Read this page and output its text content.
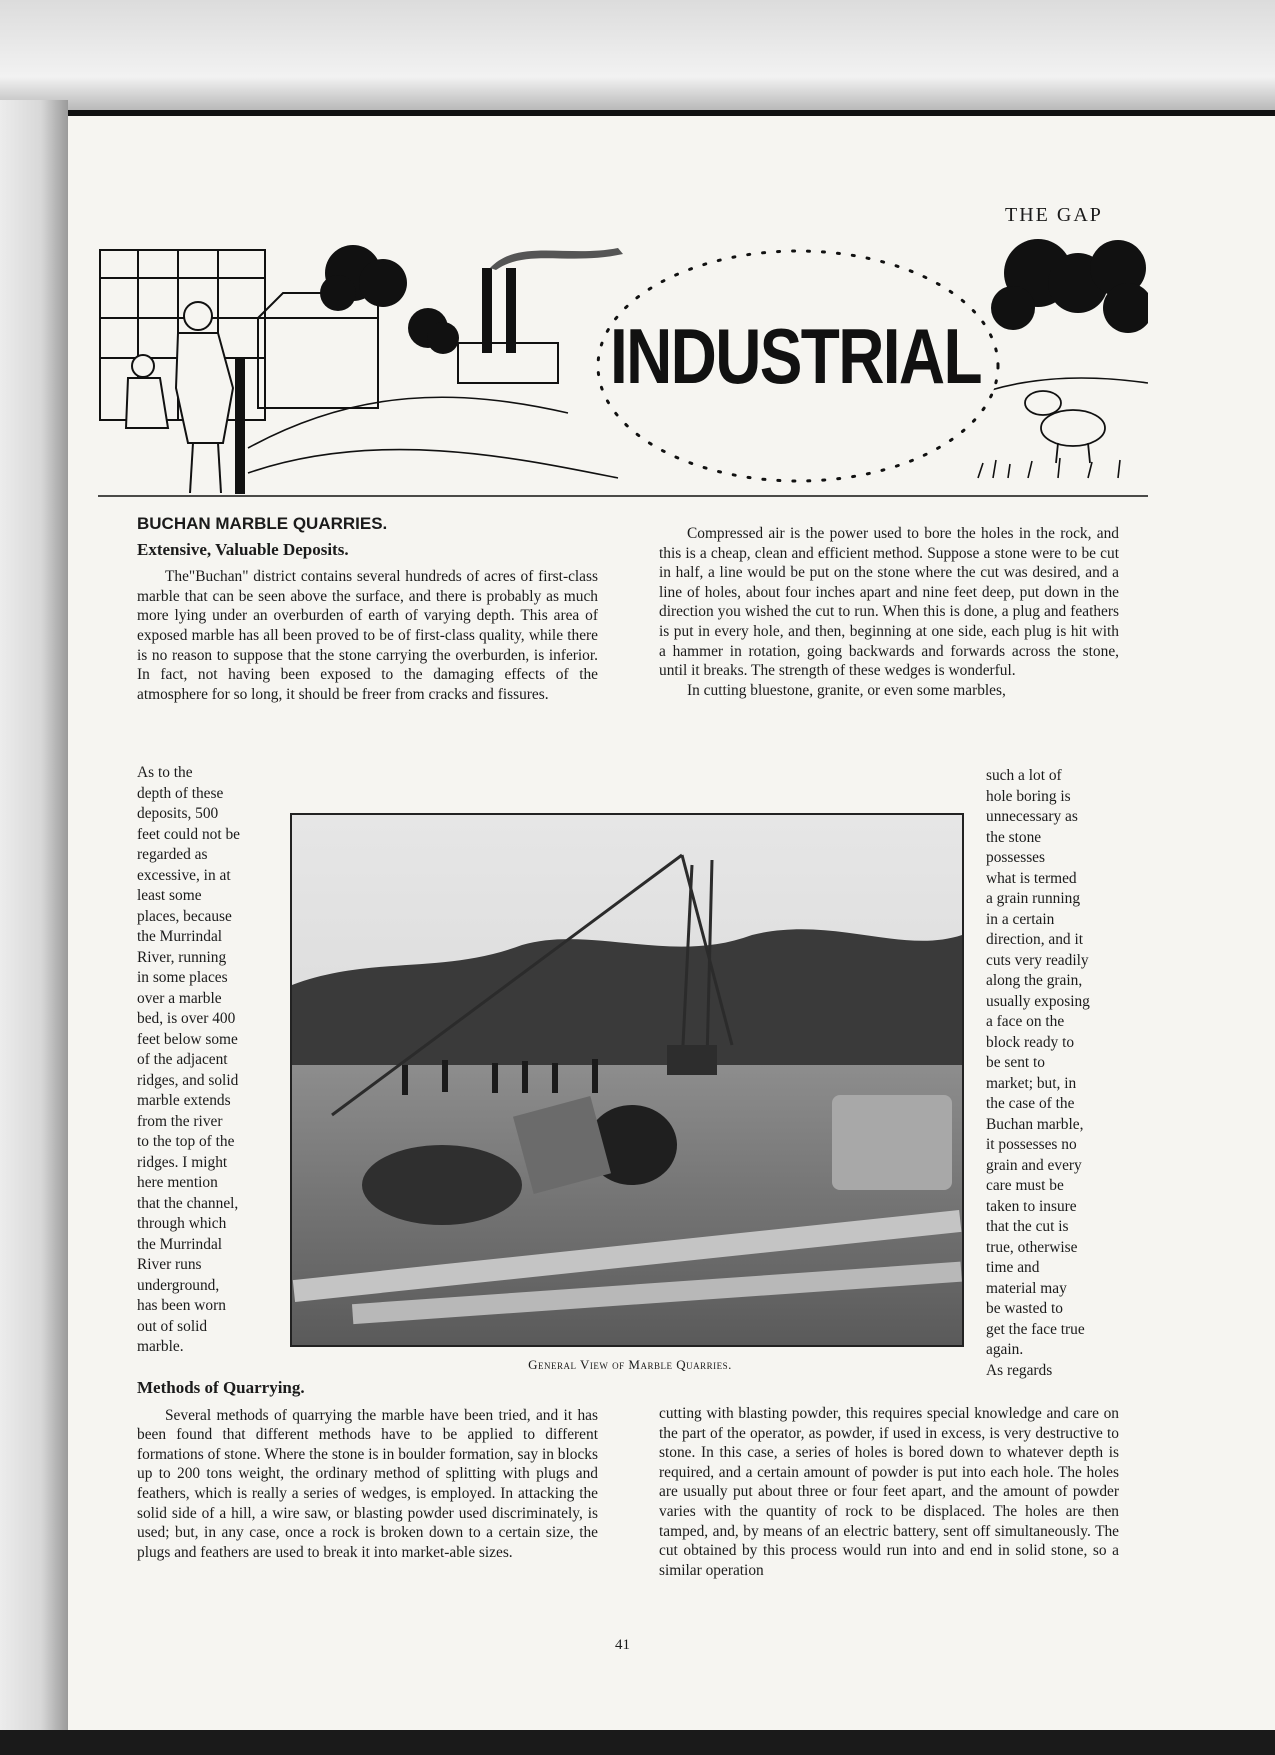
THE GAP
INDUSTRIAL
BUCHAN MARBLE QUARRIES.
Extensive, Valuable Deposits.

The"Buchan" district contains several hundreds of acres of first-class marble that can be seen above the surface, and there is probably as much more lying under an overburden of earth of varying depth. This area of exposed marble has all been proved to be of first-class quality, while there is no reason to suppose that the stone carrying the overburden, is inferior. In fact, not having been exposed to the damaging effects of the atmosphere for so long, it should be freer from cracks and fissures.

As to the
depth of these
deposits, 500
feet could not be
regarded as
excessive, in at
least some
places, because
the Murrindal
River, running
in some places
over a marble
bed, is over 400
feet below some
of the adjacent
ridges, and solid
marble extends
from the river
to the top of the
ridges. I might
here mention
that the channel,
through which
the Murrindal
River runs
underground,
has been worn
out of solid
marble.
General View of Marble Quarries.
Methods of Quarrying.

Several methods of quarrying the marble have been tried, and it has been found that different methods have to be applied to different formations of stone. Where the stone is in boulder formation, say in blocks up to 200 tons weight, the ordinary method of splitting with plugs and feathers, which is really a series of wedges, is employed. In attacking the solid side of a hill, a wire saw, or blasting powder used discriminately, is used; but, in any case, once a rock is broken down to a certain size, the plugs and feathers are used to break it into market-able sizes.

Compressed air is the power used to bore the holes in the rock, and this is a cheap, clean and efficient method. Suppose a stone were to be cut in half, a line would be put on the stone where the cut was desired, and a line of holes, about four inches apart and nine feet deep, put down in the direction you wished the cut to run. When this is done, a plug and feathers is put in every hole, and then, beginning at one side, each plug is hit with a hammer in rotation, going backwards and forwards across the stone, until it breaks. The strength of these wedges is wonderful.

In cutting bluestone, granite, or even some marbles,

such a lot of
hole boring is
unnecessary as
the stone
possesses
what is termed
a grain running
in a certain
direction, and it
cuts very readily
along the grain,
usually exposing
a face on the
block ready to
be sent to
market; but, in
the case of the
Buchan marble,
it possesses no
grain and every
care must be
taken to insure
that the cut is
true, otherwise
time and
material may
be wasted to
get the face true
again.
As regards

cutting with blasting powder, this requires special knowledge and care on the part of the operator, as powder, if used in excess, is very destructive to stone. In this case, a series of holes is bored down to whatever depth is required, and a certain amount of powder is put into each hole. The holes are usually put about three or four feet apart, and the amount of powder varies with the quantity of rock to be displaced. The holes are then tamped, and, by means of an electric battery, sent off simultaneously. The cut obtained by this process would run into and end in solid stone, so a similar operation

41
